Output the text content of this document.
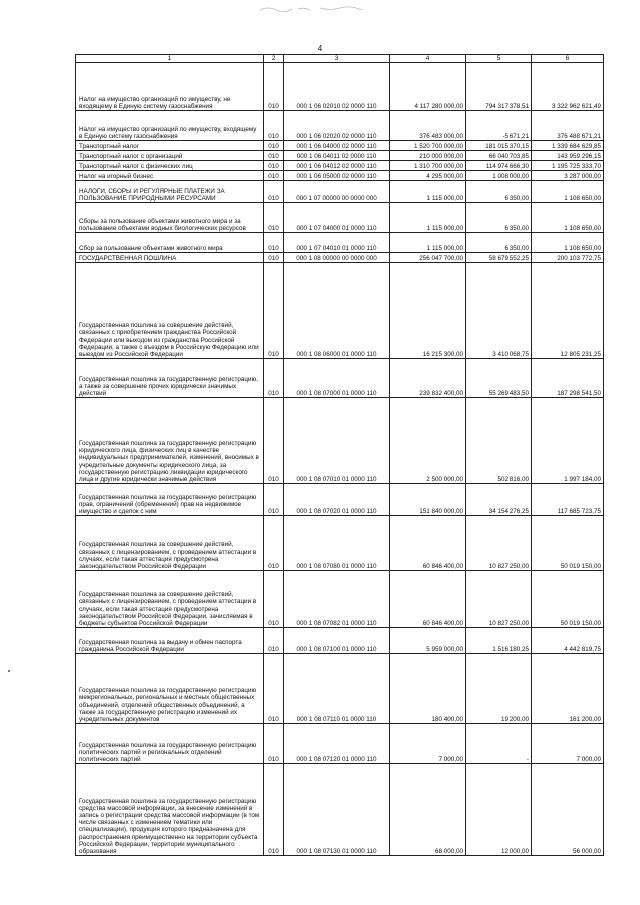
4
1	2	3	4	5	6
Налог на имущество организаций по имуществу, не входящему в Единую систему газоснабжения	010	000 1 06 02010 02 0000 110	4 117 280 000,00	794 317 378,51	3 322 962 621,49
Налог на имущество организаций по имуществу, входящему в Единую систему газоснабжения	010	000 1 06 02020 02 0000 110	376 483 000,00	-5 671,21	376 488 671,21
Транспортный налог	010	000 1 06 04000 02 0000 110	1 520 700 000,00	181 015 370,15	1 339 684 629,85
Транспортный налог с организаций	010	000 1 06 04011 02 0000 110	210 000 000,00	66 040 703,85	143 959 296,15
Транспортный налог с физических лиц	010	000 1 06 04012 02 0000 110	1 310 700 000,00	114 974 666,30	1 195 725 333,70
Налог на игорный бизнес	010	000 1 06 05000 02 0000 110	4 295 000,00	1 008 000,00	3 287 000,00
НАЛОГИ, СБОРЫ И РЕГУЛЯРНЫЕ ПЛАТЕЖИ ЗА ПОЛЬЗОВАНИЕ ПРИРОДНЫМИ РЕСУРСАМИ	010	000 1 07 00000 00 0000 000	1 115 000,00	6 350,00	1 108 650,00
Сборы за пользование объектами животного мира и за пользование объектами водных биологических ресурсов	010	000 1 07 04000 01 0000 110	1 115 000,00	6 350,00	1 108 650,00
Сбор за пользование объектами животного мира	010	000 1 07 04010 01 0000 110	1 115 000,00	6 350,00	1 108 650,00
ГОСУДАРСТВЕННАЯ ПОШЛИНА	010	000 1 08 00000 00 0000 000	256 047 700,00	58 679 552,25	200 103 772,75
Государственная пошлина за совершение действий, связанных с приобретением гражданства Российской Федерации или выходом из гражданства Российской Федерации, а также с въездом в Российскую Федерацию или выездом из Российской Федерации	010	000 1 08 06000 01 0000 110	16 215 300,00	3 410 068,75	12 805 231,25
Государственная пошлина за государственную регистрацию, а также за совершение прочих юридически значимых действий	010	000 1 08 07000 01 0000 110	239 832 400,00	55 269 483,50	187 298 541,50
Государственная пошлина за государственную регистрацию юридического лица, физических лиц в качестве индивидуальных предпринимателей, изменений, вносимых в учредительные документы юридического лица, за государственную регистрацию ликвидации юридического лица и другие юридически значимые действия	010	000 1 08 07010 01 0000 110	2 500 000,00	502 816,00	1 997 184,00
Государственная пошлина за государственную регистрацию прав, ограничений (обременений) прав на недвижимое имущество и сделок с ним	010	000 1 08 07020 01 0000 110	151 840 000,00	34 154 276,25	117 685 723,75
Государственная пошлина за совершение действий, связанных с лицензированием, с проведением аттестации в случаях, если такая аттестация предусмотрена законодательством Российской Федерации	010	000 1 08 07080 01 0000 110	60 846 400,00	10 827 250,00	50 019 150,00
Государственная пошлина за совершение действий, связанных с лицензированием, с проведением аттестации в случаях, если такая аттестация предусмотрена законодательством Российской Федерации, зачисляемая в бюджеты субъектов Российской Федерации	010	000 1 08 07082 01 0000 110	60 846 400,00	10 827 250,00	50 019 150,00
Государственная пошлина за выдачу и обмен паспорта гражданина Российской Федерации	010	000 1 08 07100 01 0000 110	5 959 000,00	1 516 180,25	4 442 819,75
Государственная пошлина за государственную регистрацию межрегиональных, региональных и местных общественных объединений, отделений общественных объединений, а также за государственную регистрацию изменений их учредительных документов	010	000 1 08 07110 01 0000 110	180 400,00	19 200,00	161 200,00
Государственная пошлина за государственную регистрацию политических партий и региональных отделений политических партий	010	000 1 08 07120 01 0000 110	7 000,00	-	7 000,00
Государственная пошлина за государственную регистрацию средства массовой информации, за внесение изменений в запись о регистрации средства массовой информации (в том числе связанных с изменением тематики или специализации), продукция которого предназначена для распространения преимущественно на территории субъекта Российской Федерации, территории муниципального образования	010	000 1 08 07130 01 0000 110	68 000,00	12 000,00	56 000,00
